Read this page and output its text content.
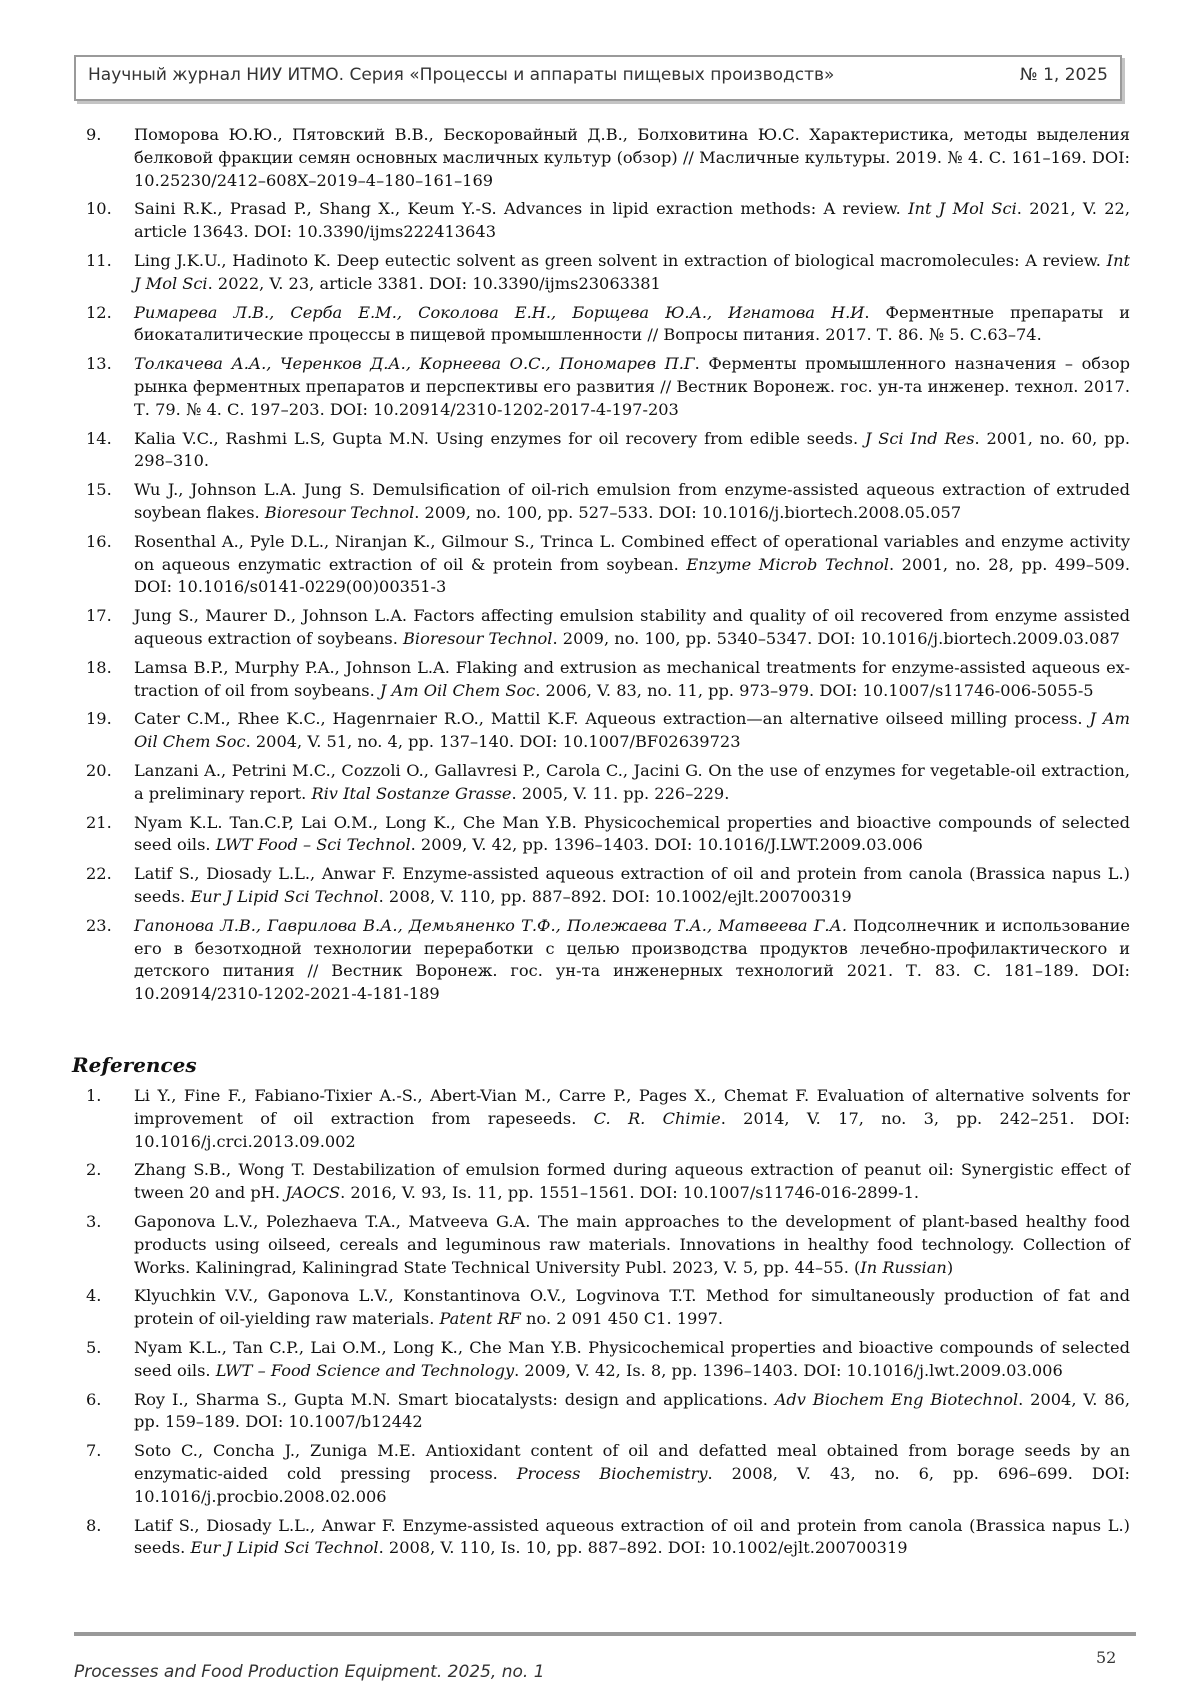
Научный журнал НИУ ИТМО. Серия «Процессы и аппараты пищевых производств»	№ 1, 2025
9.	Поморова Ю.Ю., Пятовский В.В., Бескоровайный Д.В., Болховитина Ю.С. Характеристика, методы выделения белковой фракции семян основных масличных культур (обзор) // Масличные культуры. 2019. № 4. С. 161–169. DOI: 10.25230/2412–608X–2019–4–180–161–169
10.	Saini R.K., Prasad P., Shang X., Keum Y.-S. Advances in lipid exraction methods: A review. Int J Mol Sci. 2021, V. 22, article 13643. DOI: 10.3390/ijms222413643
11.	Ling J.K.U., Hadinoto K. Deep eutectic solvent as green solvent in extraction of biological macromolecules: A review. Int J Mol Sci. 2022, V. 23, article 3381. DOI: 10.3390/ijms23063381
12.	Римарева Л.В., Серба Е.М., Соколова Е.Н., Борщева Ю.А., Игнатова Н.И. Ферментные препараты и биокаталитические процессы в пищевой промышленности // Вопросы питания. 2017. Т. 86. № 5. С.63–74.
13.	Толкачева А.А., Черенков Д.А., Корнеева О.С., Пономарев П.Г. Ферменты промышленного назначения – обзор рынка ферментных препаратов и перспективы его развития // Вестник Воронеж. гос. ун-та инженер. технол. 2017. Т. 79. № 4. С. 197–203. DOI: 10.20914/2310-1202-2017-4-197-203
14.	Kalia V.C., Rashmi L.S, Gupta M.N. Using enzymes for oil recovery from edible seeds. J Sci Ind Res. 2001, no. 60, pp. 298–310.
15.	Wu J., Johnson L.A. Jung S. Demulsification of oil-rich emulsion from enzyme-assisted aqueous extraction of extruded soybean flakes. Bioresour Technol. 2009, no. 100, pp. 527–533. DOI: 10.1016/j.biortech.2008.05.057
16.	Rosenthal A., Pyle D.L., Niranjan K., Gilmour S., Trinca L. Combined effect of operational variables and enzyme activity on aqueous enzymatic extraction of oil & protein from soybean. Enzyme Microb Technol. 2001, no. 28, pp. 499–509. DOI: 10.1016/s0141-0229(00)00351-3
17.	Jung S., Maurer D., Johnson L.A. Factors affecting emulsion stability and quality of oil recovered from enzyme assisted aqueous extraction of soybeans. Bioresour Technol. 2009, no. 100, pp. 5340–5347. DOI: 10.1016/j.biortech.2009.03.087
18.	Lamsa B.P., Murphy P.A., Johnson L.A. Flaking and extrusion as mechanical treatments for enzyme-assisted aqueous ex-traction of oil from soybeans. J Am Oil Chem Soc. 2006, V. 83, no. 11, pp. 973–979. DOI: 10.1007/s11746-006-5055-5
19.	Cater C.M., Rhee K.C., Hagenrnaier R.O., Mattil K.F. Aqueous extraction—an alternative oilseed milling process. J Am Oil Chem Soc. 2004, V. 51, no. 4, pp. 137–140. DOI: 10.1007/BF02639723
20.	Lanzani A., Petrini M.C., Cozzoli O., Gallavresi P., Carola C., Jacini G. On the use of enzymes for vegetable-oil extraction, a preliminary report. Riv Ital Sostanze Grasse. 2005, V. 11. pp. 226–229.
21.	Nyam K.L. Tan.C.P, Lai O.M., Long K., Che Man Y.B. Physicochemical properties and bioactive compounds of selected seed oils. LWT Food – Sci Technol. 2009, V. 42, pp. 1396–1403. DOI: 10.1016/J.LWT.2009.03.006
22.	Latif S., Diosady L.L., Anwar F. Enzyme-assisted aqueous extraction of oil and protein from canola (Brassica napus L.) seeds. Eur J Lipid Sci Technol. 2008, V. 110, pp. 887–892. DOI: 10.1002/ejlt.200700319
23.	Гапонова Л.В., Гаврилова В.А., Демьяненко Т.Ф., Полежаева Т.А., Матвеева Г.А. Подсолнечник и использование его в безотходной технологии переработки с целью производства продуктов лечебно-профилактического и детского питания // Вестник Воронеж. гос. ун-та инженерных технологий 2021. Т. 83. С. 181–189. DOI: 10.20914/2310-1202-2021-4-181-189
References
1.	Li Y., Fine F., Fabiano-Tixier A.-S., Abert-Vian M., Carre P., Pages X., Chemat F. Evaluation of alternative solvents for improvement of oil extraction from rapeseeds. C. R. Chimie. 2014, V. 17, no. 3, pp. 242–251. DOI: 10.1016/j.crci.2013.09.002
2.	Zhang S.B., Wong T. Destabilization of emulsion formed during aqueous extraction of peanut oil: Synergistic effect of tween 20 and pH. JAOCS. 2016, V. 93, Is. 11, pp. 1551–1561. DOI: 10.1007/s11746-016-2899-1.
3.	Gaponova L.V., Polezhaeva T.A., Matveeva G.A. The main approaches to the development of plant-based healthy food products using oilseed, cereals and leguminous raw materials. Innovations in healthy food technology. Collection of Works. Kaliningrad, Kaliningrad State Technical University Publ. 2023, V. 5, pp. 44–55. (In Russian)
4.	Klyuchkin V.V., Gaponova L.V., Konstantinova O.V., Logvinova T.T. Method for simultaneously production of fat and protein of oil-yielding raw materials. Patent RF no. 2 091 450 C1. 1997.
5.	Nyam K.L., Tan C.P., Lai O.M., Long K., Che Man Y.B. Physicochemical properties and bioactive compounds of selected seed oils. LWT – Food Science and Technology. 2009, V. 42, Is. 8, pp. 1396–1403. DOI: 10.1016/j.lwt.2009.03.006
6.	Roy I., Sharma S., Gupta M.N. Smart biocatalysts: design and applications. Adv Biochem Eng Biotechnol. 2004, V. 86, pp. 159–189. DOI: 10.1007/b12442
7.	Soto C., Concha J., Zuniga M.E. Antioxidant content of oil and defatted meal obtained from borage seeds by an enzymatic-aided cold pressing process. Process Biochemistry. 2008, V. 43, no. 6, pp. 696–699. DOI: 10.1016/j.procbio.2008.02.006
8.	Latif S., Diosady L.L., Anwar F. Enzyme-assisted aqueous extraction of oil and protein from canola (Brassica napus L.) seeds. Eur J Lipid Sci Technol. 2008, V. 110, Is. 10, pp. 887–892. DOI: 10.1002/ejlt.200700319
Processes and Food Production Equipment. 2025, no. 1
52
